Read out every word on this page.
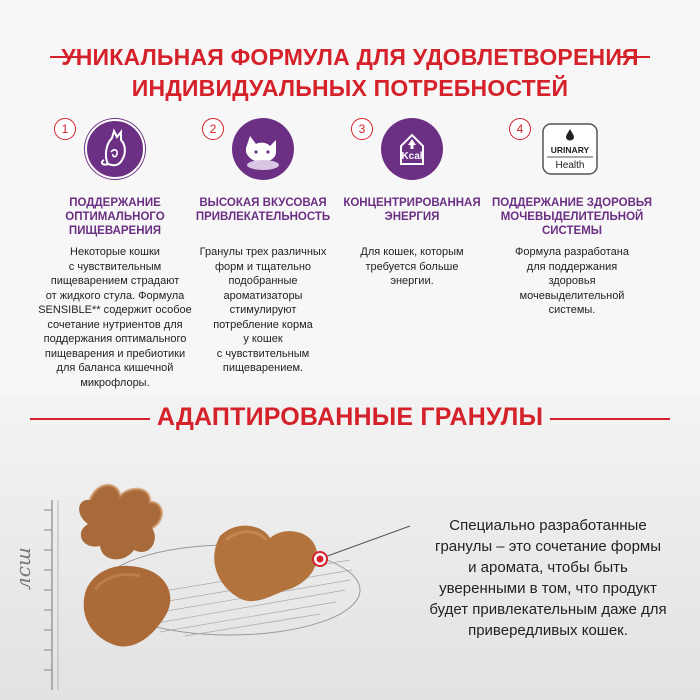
УНИКАЛЬНАЯ ФОРМУЛА ДЛЯ УДОВЛЕТВОРЕНИЯ
ИНДИВИДУАЛЬНЫХ ПОТРЕБНОСТЕЙ
1
ПОДДЕРЖАНИЕ
ОПТИМАЛЬНОГО
ПИЩЕВАРЕНИЯ
Некоторые кошки
с чувствительным
пищеварением страдают
от жидкого стула. Формула
SENSIBLE** содержит особое
сочетание нутриентов для
поддержания оптимального
пищеварения и пребиотики
для баланса кишечной
микрофлоры.
2
ВЫСОКАЯ ВКУСОВАЯ
ПРИВЛЕКАТЕЛЬНОСТЬ
Гранулы трех различных
форм и тщательно
подобранные
ароматизаторы
стимулируют
потребление корма
у кошек
с чувствительным
пищеварением.
3
Kcal
КОНЦЕНТРИРОВАННАЯ
ЭНЕРГИЯ
Для кошек, которым
требуется больше
энергии.
4
URINARY
Health
ПОДДЕРЖАНИЕ ЗДОРОВЬЯ
МОЧЕВЫДЕЛИТЕЛЬНОЙ
СИСТЕМЫ
Формула разработана
для поддержания
здоровья
мочевыделительной
системы.
АДАПТИРОВАННЫЕ ГРАНУЛЫ
лсш
Специально разработанные
гранулы – это сочетание формы
и аромата, чтобы быть
уверенными в том, что продукт
будет привлекательным даже для
привередливых кошек.
